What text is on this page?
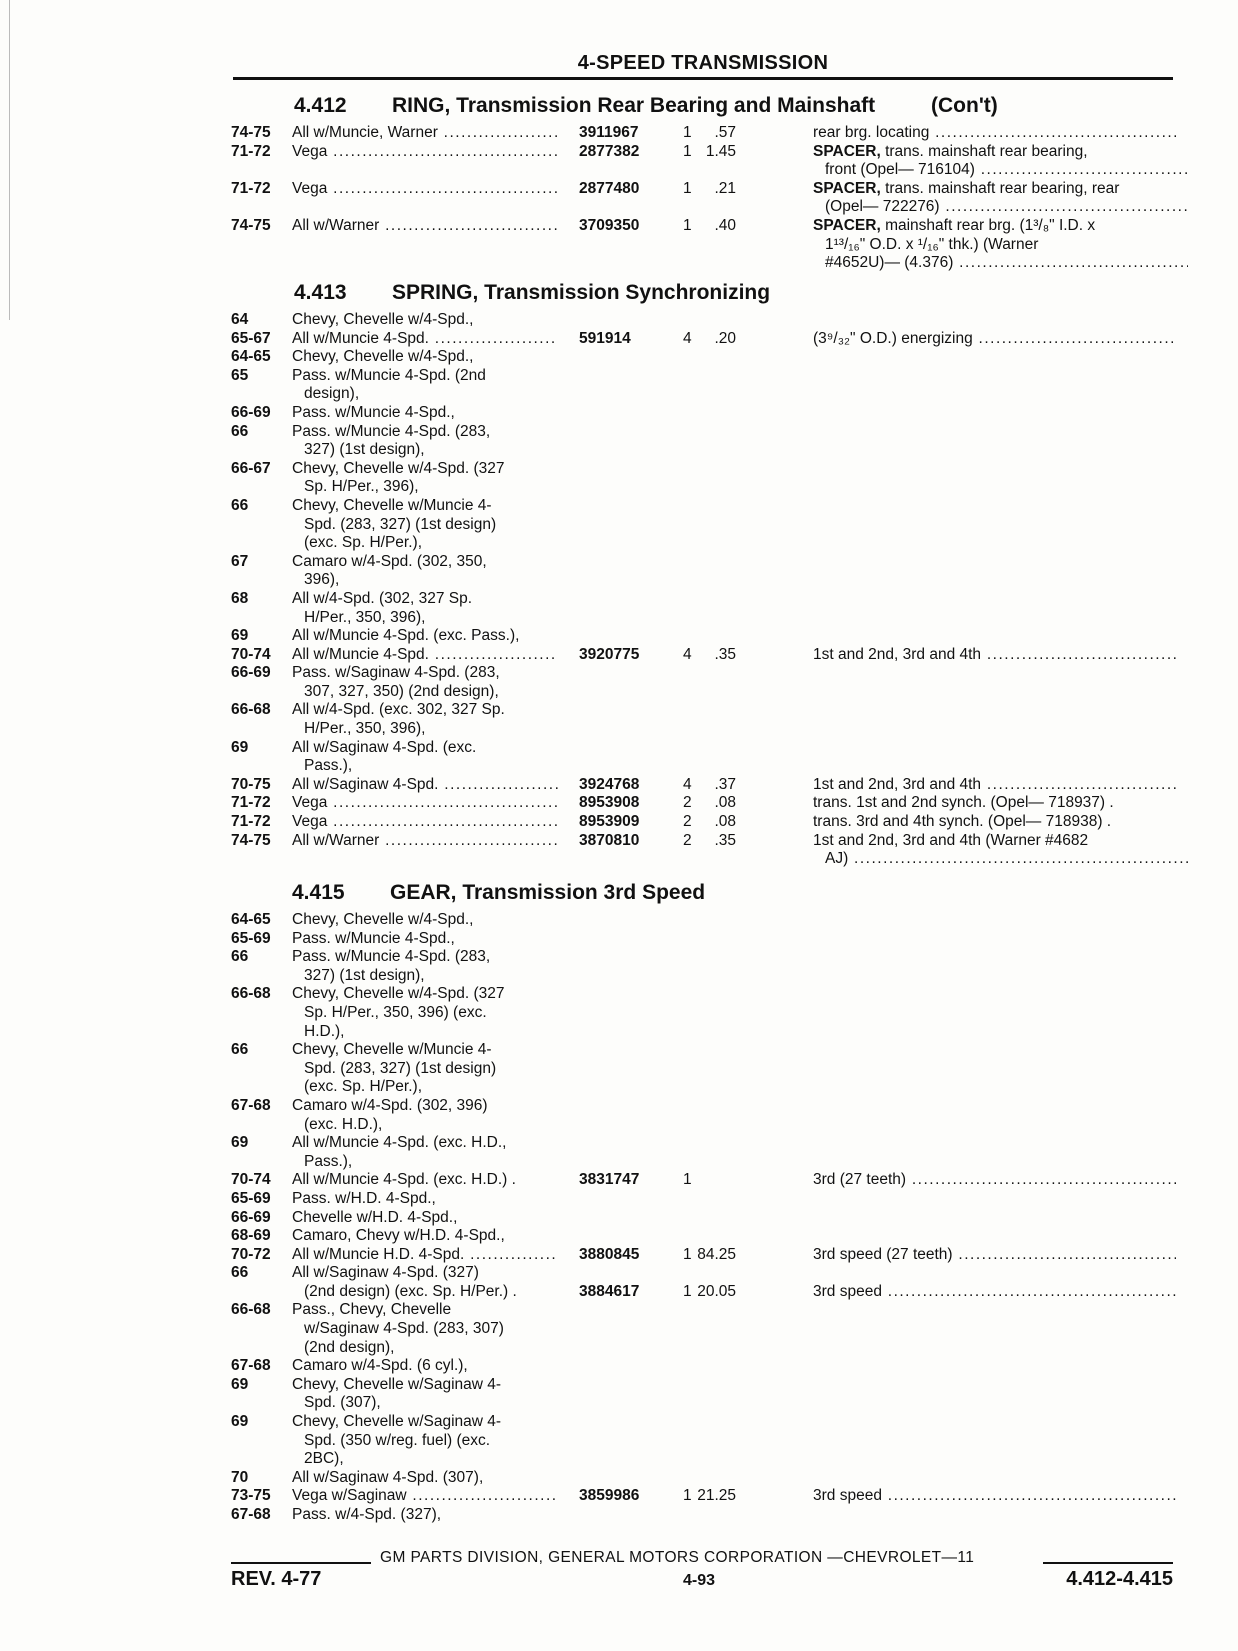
4-SPEED TRANSMISSION
4.412 RING, Transmission Rear Bearing and Mainshaft	(Con't)
74-75 All w/Muncie, Warner .....	3911967	1 .57	rear brg. locating .....
71-72 Vega .....	2877382	1 1.45	SPACER, trans. mainshaft rear bearing,
front (Opel— 716104) .....
71-72 Vega .....	2877480	1 .21	SPACER, trans. mainshaft rear bearing, rear
(Opel— 722276) .....
74-75 All w/Warner .....	3709350	1 .40	SPACER, mainshaft rear brg. (1³/₈" I.D. x
1¹³/₁₆" O.D. x ¹/₁₆" thk.) (Warner
#4652U)— (4.376) .....
4.413 SPRING, Transmission Synchronizing
64	Chevy, Chevelle w/4-Spd.,
65-67 All w/Muncie 4-Spd. .....	591914	4 .20	(3⁹/₃₂" O.D.) energizing .....
64-65 Chevy, Chevelle w/4-Spd.,
65	Pass. w/Muncie 4-Spd. (2nd
design),
66-69 Pass. w/Muncie 4-Spd.,
66	Pass. w/Muncie 4-Spd. (283,
327) (1st design),
66-67 Chevy, Chevelle w/4-Spd. (327
Sp. H/Per., 396),
66	Chevy, Chevelle w/Muncie 4-
Spd. (283, 327) (1st design)
(exc. Sp. H/Per.),
67	Camaro w/4-Spd. (302, 350,
396),
68	All w/4-Spd. (302, 327 Sp.
H/Per., 350, 396),
69	All w/Muncie 4-Spd. (exc. Pass.),
70-74 All w/Muncie 4-Spd. .....	3920775	4 .35	1st and 2nd, 3rd and 4th .....
66-69 Pass. w/Saginaw 4-Spd. (283,
307, 327, 350) (2nd design),
66-68 All w/4-Spd. (exc. 302, 327 Sp.
H/Per., 350, 396),
69	All w/Saginaw 4-Spd. (exc.
Pass.),
70-75 All w/Saginaw 4-Spd. .....	3924768	4 .37	1st and 2nd, 3rd and 4th .....
71-72 Vega .....	8953908	2 .08	trans. 1st and 2nd synch. (Opel— 718937) .
71-72 Vega .....	8953909	2 .08	trans. 3rd and 4th synch. (Opel— 718938) .
74-75 All w/Warner .....	3870810	2 .35	1st and 2nd, 3rd and 4th (Warner #4682
AJ) .....
4.415 GEAR, Transmission 3rd Speed
64-65 Chevy, Chevelle w/4-Spd.,
65-69 Pass. w/Muncie 4-Spd.,
66	Pass. w/Muncie 4-Spd. (283,
327) (1st design),
66-68 Chevy, Chevelle w/4-Spd. (327
Sp. H/Per., 350, 396) (exc.
H.D.),
66	Chevy, Chevelle w/Muncie 4-
Spd. (283, 327) (1st design)
(exc. Sp. H/Per.),
67-68 Camaro w/4-Spd. (302, 396)
(exc. H.D.),
69	All w/Muncie 4-Spd. (exc. H.D.,
Pass.),
70-74 All w/Muncie 4-Spd. (exc. H.D.) .	3831747	1	3rd (27 teeth) .....
65-69 Pass. w/H.D. 4-Spd.,
66-69 Chevelle w/H.D. 4-Spd.,
68-69 Camaro, Chevy w/H.D. 4-Spd.,
70-72 All w/Muncie H.D. 4-Spd. .....	3880845	1 84.25	3rd speed (27 teeth) .....
66	All w/Saginaw 4-Spd. (327)
(2nd design) (exc. Sp. H/Per.) .	3884617	1 20.05	3rd speed .....
66-68 Pass., Chevy, Chevelle
w/Saginaw 4-Spd. (283, 307)
(2nd design),
67-68 Camaro w/4-Spd. (6 cyl.),
69	Chevy, Chevelle w/Saginaw 4-
Spd. (307),
69	Chevy, Chevelle w/Saginaw 4-
Spd. (350 w/reg. fuel) (exc.
2BC),
70	All w/Saginaw 4-Spd. (307),
73-75 Vega w/Saginaw .....	3859986	1 21.25	3rd speed .....
67-68 Pass. w/4-Spd. (327),
GM PARTS DIVISION, GENERAL MOTORS CORPORATION —CHEVROLET—11
REV. 4-77	4-93	4.412-4.415
